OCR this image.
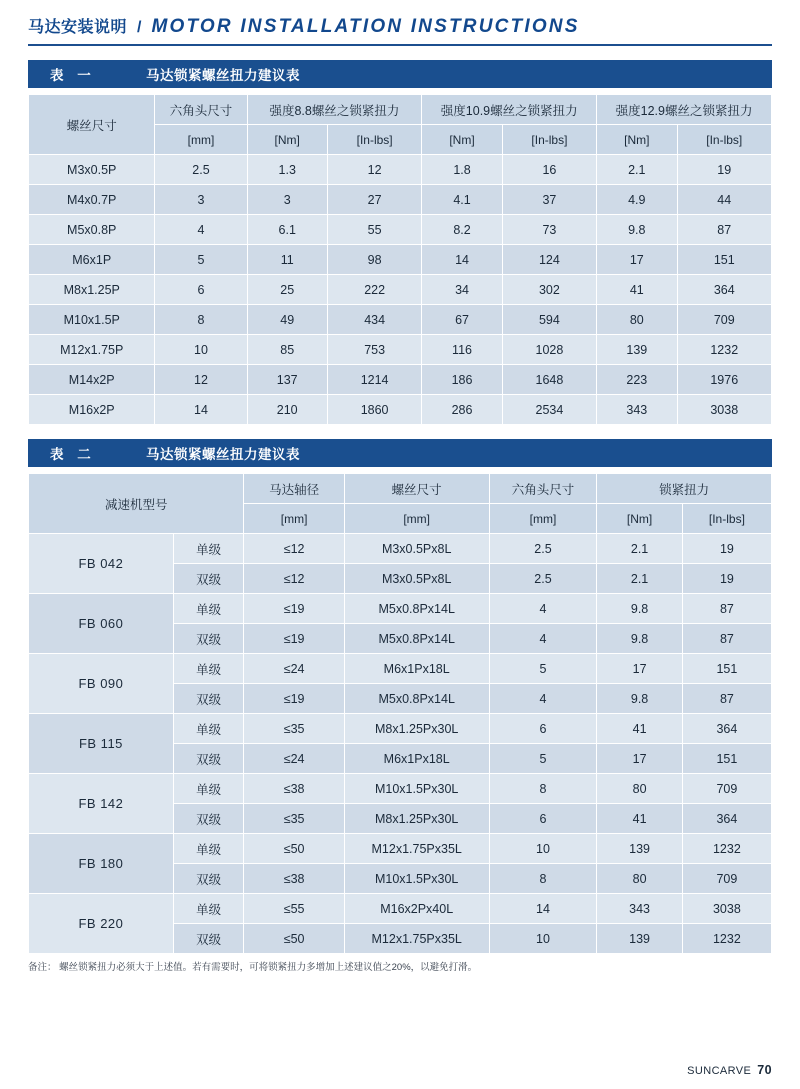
马达安装说明 / MOTOR INSTALLATION INSTRUCTIONS
表 一	马达锁紧螺丝扭力建议表
螺丝尺寸	六角头尺寸	强度8.8螺丝之锁紧扭力		强度10.9螺丝之锁紧扭力		强度12.9螺丝之锁紧扭力	
	[mm]	[Nm]	[In-lbs]	[Nm]	[In-lbs]	[Nm]	[In-lbs]
M3x0.5P	2.5	1.3	12	1.8	16	2.1	19
M4x0.7P	3	3	27	4.1	37	4.9	44
M5x0.8P	4	6.1	55	8.2	73	9.8	87
M6x1P	5	11	98	14	124	17	151
M8x1.25P	6	25	222	34	302	41	364
M10x1.5P	8	49	434	67	594	80	709
M12x1.75P	10	85	753	116	1028	139	1232
M14x2P	12	137	1214	186	1648	223	1976
M16x2P	14	210	1860	286	2534	343	3038
表 二	马达锁紧螺丝扭力建议表
减速机型号		马达轴径	螺丝尺寸	六角头尺寸	锁紧扭力	
		[mm]	[mm]	[mm]	[Nm]	[In-lbs]
FB 042	单级	≤12	M3x0.5Px8L	2.5	2.1	19
	双级	≤12	M3x0.5Px8L	2.5	2.1	19
FB 060	单级	≤19	M5x0.8Px14L	4	9.8	87
	双级	≤19	M5x0.8Px14L	4	9.8	87
FB 090	单级	≤24	M6x1Px18L	5	17	151
	双级	≤19	M5x0.8Px14L	4	9.8	87
FB 115	单级	≤35	M8x1.25Px30L	6	41	364
	双级	≤24	M6x1Px18L	5	17	151
FB 142	单级	≤38	M10x1.5Px30L	8	80	709
	双级	≤35	M8x1.25Px30L	6	41	364
FB 180	单级	≤50	M12x1.75Px35L	10	139	1232
	双级	≤38	M10x1.5Px30L	8	80	709
FB 220	单级	≤55	M16x2Px40L	14	343	3038
	双级	≤50	M12x1.75Px35L	10	139	1232
备注： 螺丝锁紧扭力必须大于上述值。若有需要时，可将锁紧扭力多增加上述建议值之20%，以避免打滑。
SUNCARVE 70
